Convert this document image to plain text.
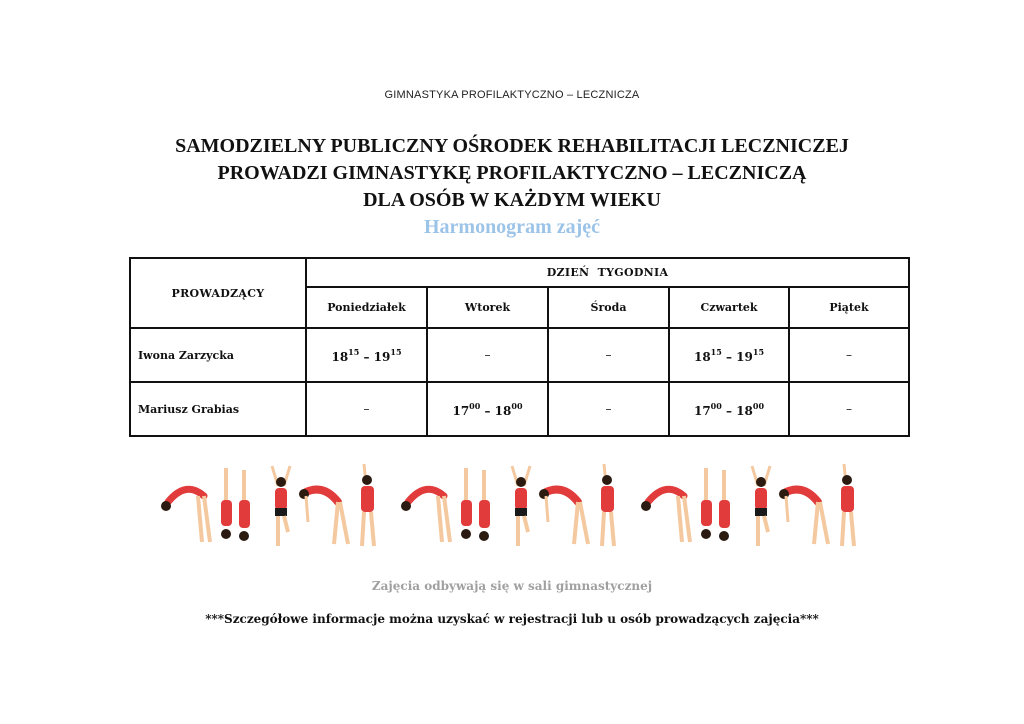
GIMNASTYKA PROFILAKTYCZNO – LECZNICZA
SAMODZIELNY PUBLICZNY OŚRODEK REHABILITACJI LECZNICZEJ
PROWADZI GIMNASTYKĘ PROFILAKTYCZNO – LECZNICZĄ
DLA OSÓB W KAŻDYM WIEKU
Harmonogram zajęć
PROWADZĄCY	DZIEŃ  TYGODNIA				
	Poniedziałek	Wtorek	Środa	Czwartek	Piątek
Iwona Zarzycka	$18^{15} - 19^{15}$	–	–	$18^{15} - 19^{15}$	–
Mariusz Grabias	–	$17^{00} - 18^{00}$	–	$17^{00} - 18^{00}$	–
Zajęcia odbywają się w sali gimnastycznej
***Szczegółowe informacje można uzyskać w rejestracji lub u osób prowadzących zajęcia***
